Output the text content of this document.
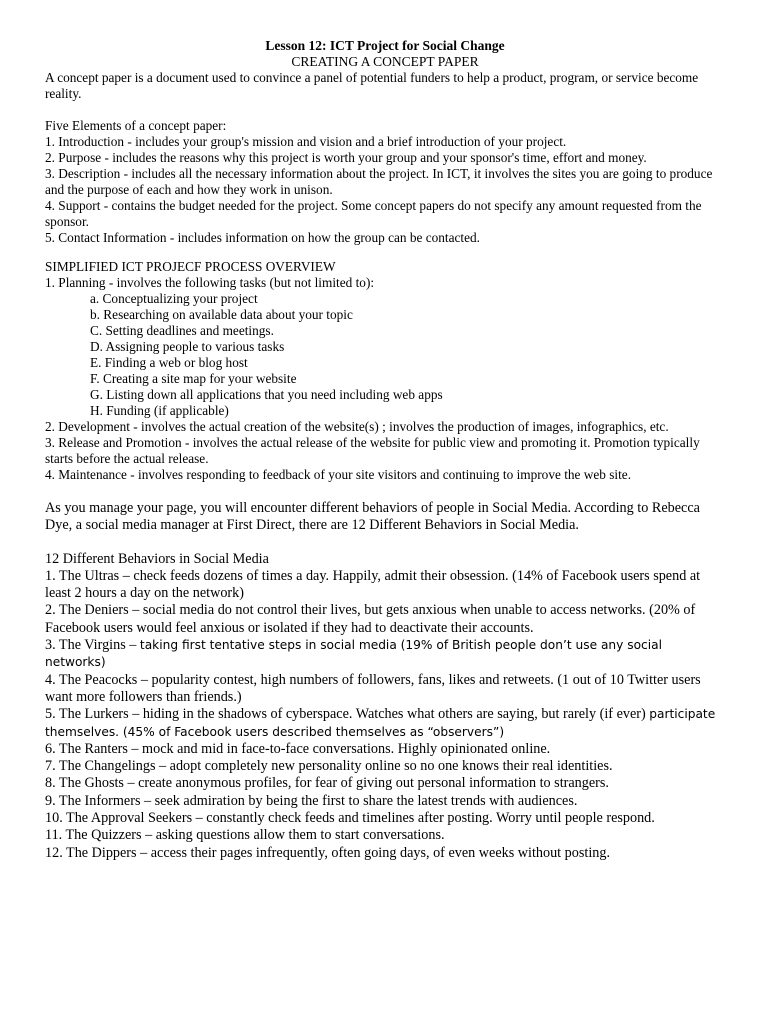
Lesson 12: ICT Project for Social Change

CREATING A CONCEPT PAPER

A concept paper is a document used to convince a panel of potential funders to help a product, program, or service become reality.

Five Elements of a concept paper:

1. Introduction - includes your group's mission and vision and a brief introduction of your project.

2. Purpose - includes the reasons why this project is worth your group and your sponsor's time, effort and money.

3. Description - includes all the necessary information about the project. In ICT, it involves the sites you are going to produce and the purpose of each and how they work in unison.

4. Support - contains the budget needed for the project. Some concept papers do not specify any amount requested from the sponsor.

5. Contact Information - includes information on how the group can be contacted.

SIMPLIFIED ICT PROJECF PROCESS OVERVIEW

1. Planning - involves the following tasks (but not limited to):

a. Conceptualizing your project

b. Researching on available data about your topic

C. Setting deadlines and meetings.

D. Assigning people to various tasks

E. Finding a web or blog host

F. Creating a site map for your website

G. Listing down all applications that you need including web apps

H. Funding (if applicable)

2. Development - involves the actual creation of the website(s) ; involves the production of images, infographics, etc.

3. Release and Promotion - involves the actual release of the website for public view and promoting it. Promotion typically starts before the actual release.

4. Maintenance - involves responding to feedback of your site visitors and continuing to improve the web site.

As you manage your page, you will encounter different behaviors of people in Social Media. According to Rebecca Dye, a social media manager at First Direct, there are 12 Different Behaviors in Social Media.

12 Different Behaviors in Social Media

1. The Ultras – check feeds dozens of times a day. Happily, admit their obsession. (14% of Facebook users spend at least 2 hours a day on the network)

2. The Deniers – social media do not control their lives, but gets anxious when unable to access networks. (20% of Facebook users would feel anxious or isolated if they had to deactivate their accounts.

3. The Virgins – taking first tentative steps in social media (19% of British people don’t use any social networks)

4. The Peacocks – popularity contest, high numbers of followers, fans, likes and retweets. (1 out of 10 Twitter users want more followers than friends.)

5. The Lurkers – hiding in the shadows of cyberspace. Watches what others are saying, but rarely (if ever) participate themselves. (45% of Facebook users described themselves as “observers”)

6. The Ranters – mock and mid in face-to-face conversations. Highly opinionated online.

7. The Changelings – adopt completely new personality online so no one knows their real identities.

8. The Ghosts – create anonymous profiles, for fear of giving out personal information to strangers.

9. The Informers – seek admiration by being the first to share the latest trends with audiences.

10. The Approval Seekers – constantly check feeds and timelines after posting. Worry until people respond.

11. The Quizzers – asking questions allow them to start conversations.

12. The Dippers – access their pages infrequently, often going days, of even weeks without posting.
